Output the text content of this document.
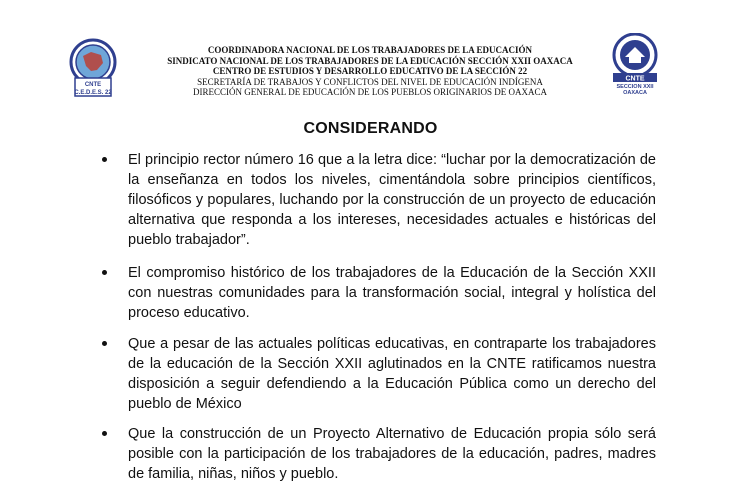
CNTE
C.E.D.E.S. 22
COORDINADORA NACIONAL DE LOS TRABAJADORES DE LA EDUCACIÓN
SINDICATO NACIONAL DE LOS TRABAJADORES DE LA EDUCACIÓN SECCIÓN XXII OAXACA
CENTRO DE ESTUDIOS Y DESARROLLO EDUCATIVO DE LA SECCIÓN 22
SECRETARÍA DE TRABAJOS Y CONFLICTOS DEL NIVEL DE EDUCACIÓN INDÍGENA
DIRECCIÓN GENERAL DE EDUCACIÓN DE LOS PUEBLOS ORIGINARIOS DE OAXACA
CNTE
SECCION XXII
OAXACA
CONSIDERANDO
El principio rector número 16 que a la letra dice: “luchar por la democratización de la enseñanza en todos los niveles, cimentándola sobre principios científicos, filosóficos y populares, luchando por la construcción de un proyecto de educación alternativa que responda a los intereses, necesidades actuales e históricas del pueblo trabajador”.
El compromiso histórico de los trabajadores de la Educación de la Sección XXII con nuestras comunidades para la transformación social, integral y holística del proceso educativo.
Que a pesar de las actuales políticas educativas, en contraparte los trabajadores de la educación de la Sección XXII aglutinados en la CNTE ratificamos nuestra disposición a seguir defendiendo a la Educación Pública como un derecho del pueblo de México
Que la construcción de un Proyecto Alternativo de Educación propia sólo será posible con la participación de los trabajadores de la educación, padres, madres de familia, niñas, niños y pueblo.
